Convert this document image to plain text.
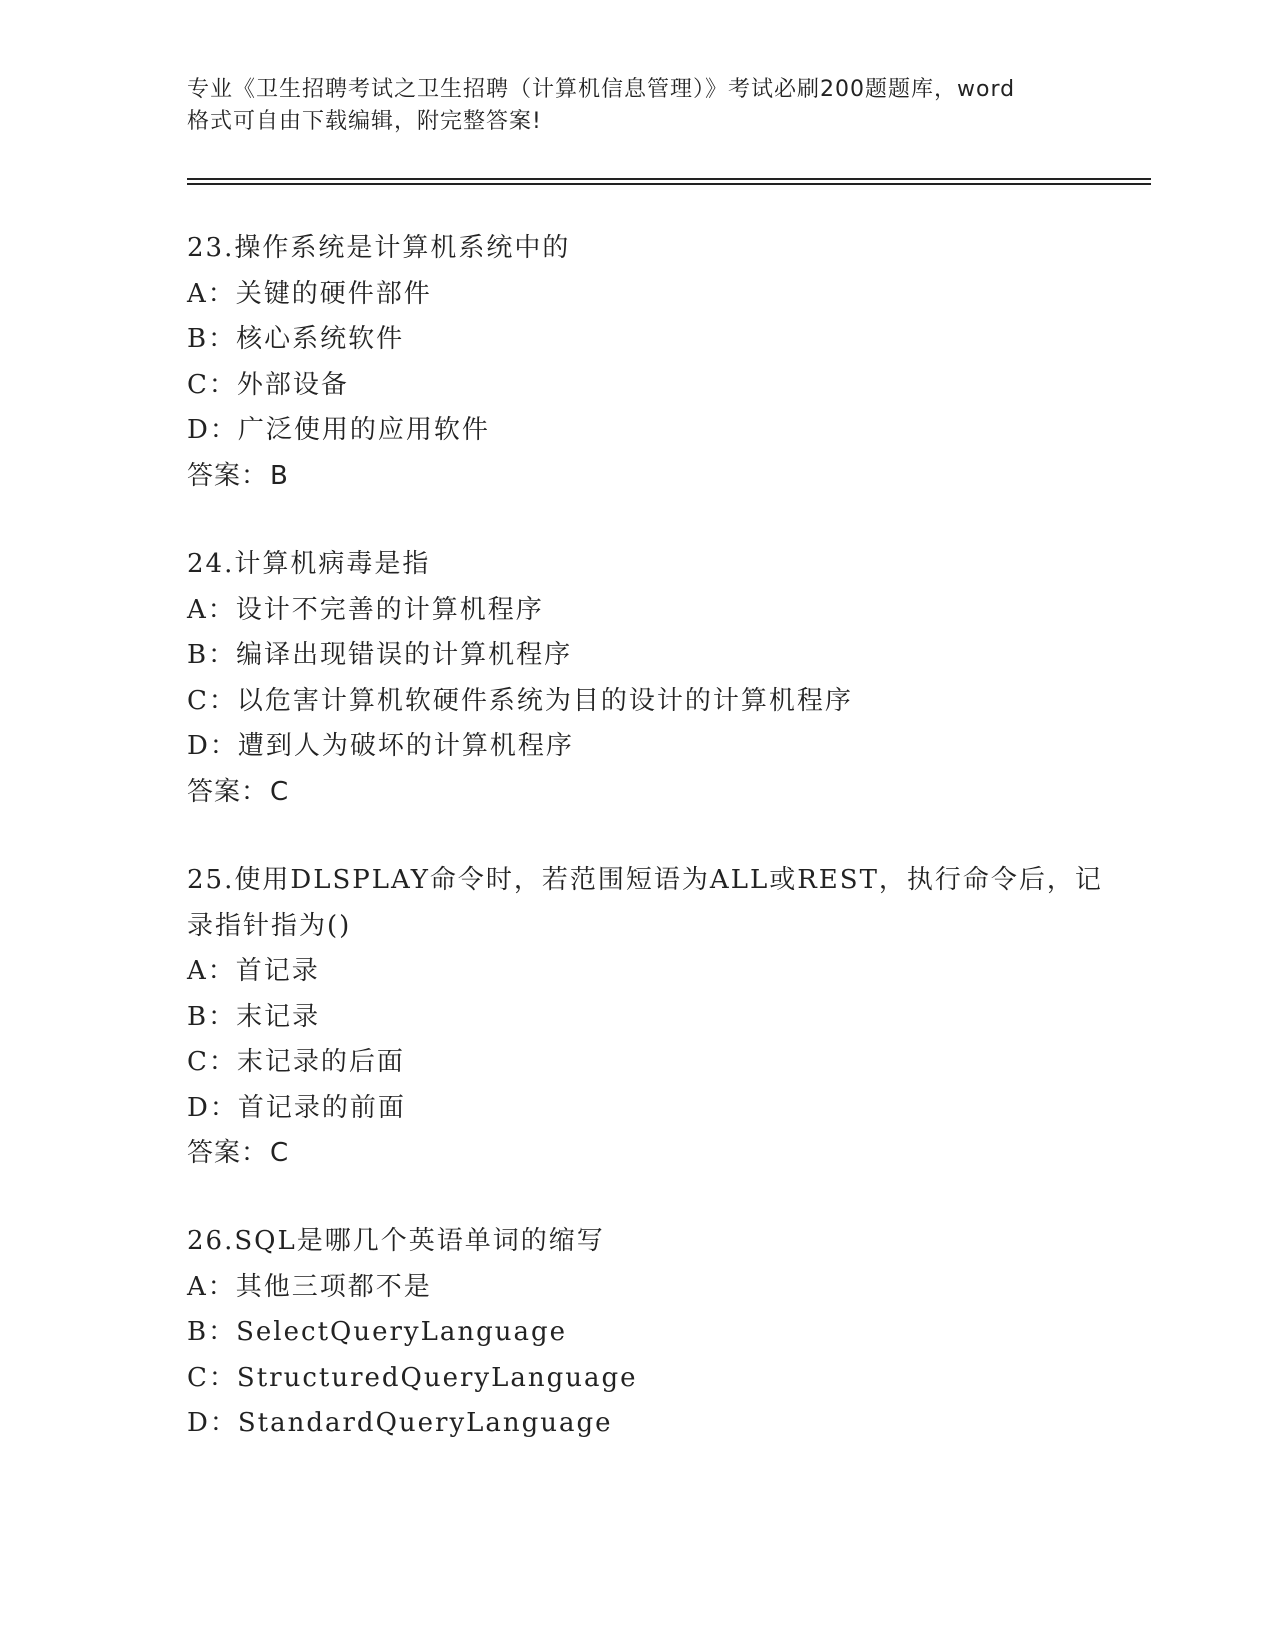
专业《卫生招聘考试之卫生招聘（计算机信息管理）》考试必刷200题题库，word
格式可自由下载编辑，附完整答案!
23.操作系统是计算机系统中的
A：关键的硬件部件
B：核心系统软件
C：外部设备
D：广泛使用的应用软件
答案：B
24.计算机病毒是指
A：设计不完善的计算机程序
B：编译出现错误的计算机程序
C：以危害计算机软硬件系统为目的设计的计算机程序
D：遭到人为破坏的计算机程序
答案：C
25.使用DLSPLAY命令时，若范围短语为ALL或REST，执行命令后，记录指针指为()
A：首记录
B：末记录
C：末记录的后面
D：首记录的前面
答案：C
26.SQL是哪几个英语单词的缩写
A：其他三项都不是
B：SelectQueryLanguage
C：StructuredQueryLanguage
D：StandardQueryLanguage
